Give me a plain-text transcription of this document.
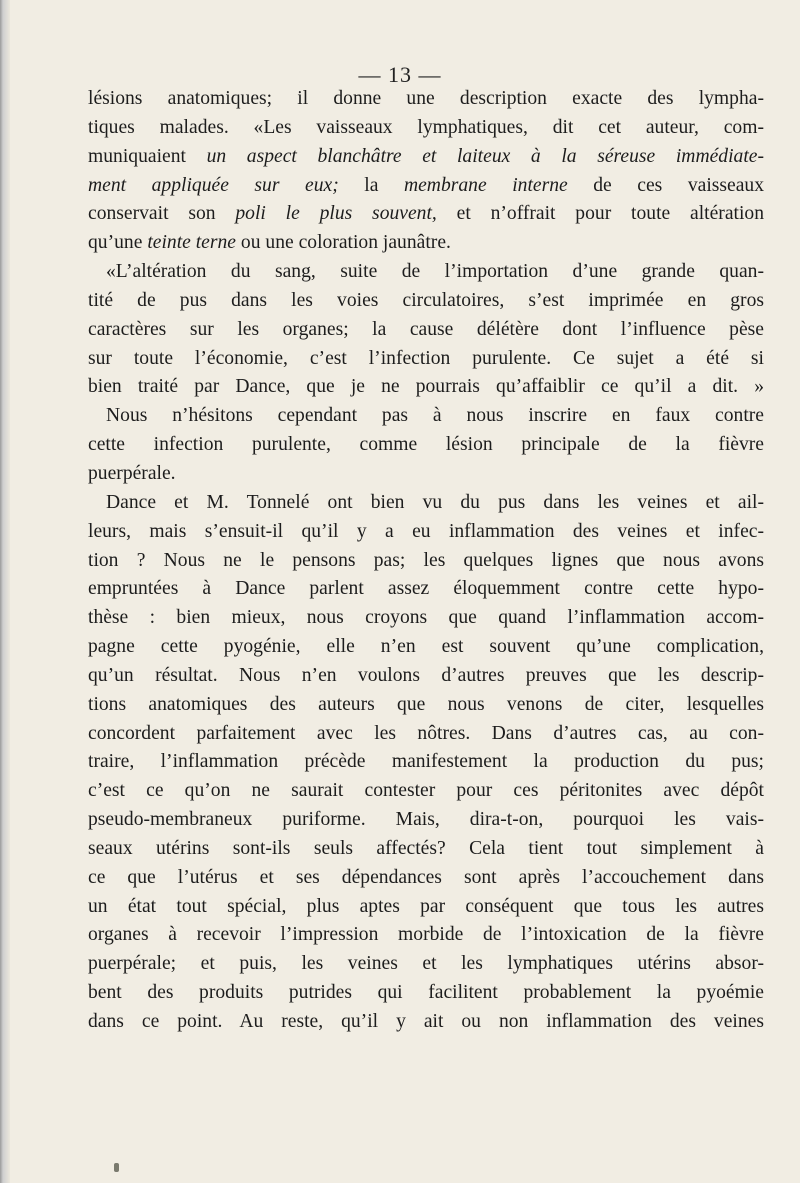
— 13 —
lésions anatomiques; il donne une description exacte des lympha-
tiques malades. «Les vaisseaux lymphatiques, dit cet auteur, com-
muniquaient un aspect blanchâtre et laiteux à la séreuse immédiate-
ment appliquée sur eux; la membrane interne de ces vaisseaux
conservait son poli le plus souvent, et n’offrait pour toute altération
qu’une teinte terne ou une coloration jaunâtre.
«L’altération du sang, suite de l’importation d’une grande quan-
tité de pus dans les voies circulatoires, s’est imprimée en gros
caractères sur les organes; la cause délétère dont l’influence pèse
sur toute l’économie, c’est l’infection purulente. Ce sujet a été si
bien traité par Dance, que je ne pourrais qu’affaiblir ce qu’il a dit. »
Nous n’hésitons cependant pas à nous inscrire en faux contre
cette infection purulente, comme lésion principale de la fièvre
puerpérale.
Dance et M. Tonnelé ont bien vu du pus dans les veines et ail-
leurs, mais s’ensuit-il qu’il y a eu inflammation des veines et infec-
tion ? Nous ne le pensons pas; les quelques lignes que nous avons
empruntées à Dance parlent assez éloquemment contre cette hypo-
thèse : bien mieux, nous croyons que quand l’inflammation accom-
pagne cette pyogénie, elle n’en est souvent qu’une complication,
qu’un résultat. Nous n’en voulons d’autres preuves que les descrip-
tions anatomiques des auteurs que nous venons de citer, lesquelles
concordent parfaitement avec les nôtres. Dans d’autres cas, au con-
traire, l’inflammation précède manifestement la production du pus;
c’est ce qu’on ne saurait contester pour ces péritonites avec dépôt
pseudo-membraneux puriforme. Mais, dira-t-on, pourquoi les vais-
seaux utérins sont-ils seuls affectés? Cela tient tout simplement à
ce que l’utérus et ses dépendances sont après l’accouchement dans
un état tout spécial, plus aptes par conséquent que tous les autres
organes à recevoir l’impression morbide de l’intoxication de la fièvre
puerpérale; et puis, les veines et les lymphatiques utérins absor-
bent des produits putrides qui facilitent probablement la pyoémie
dans ce point. Au reste, qu’il y ait ou non inflammation des veines
